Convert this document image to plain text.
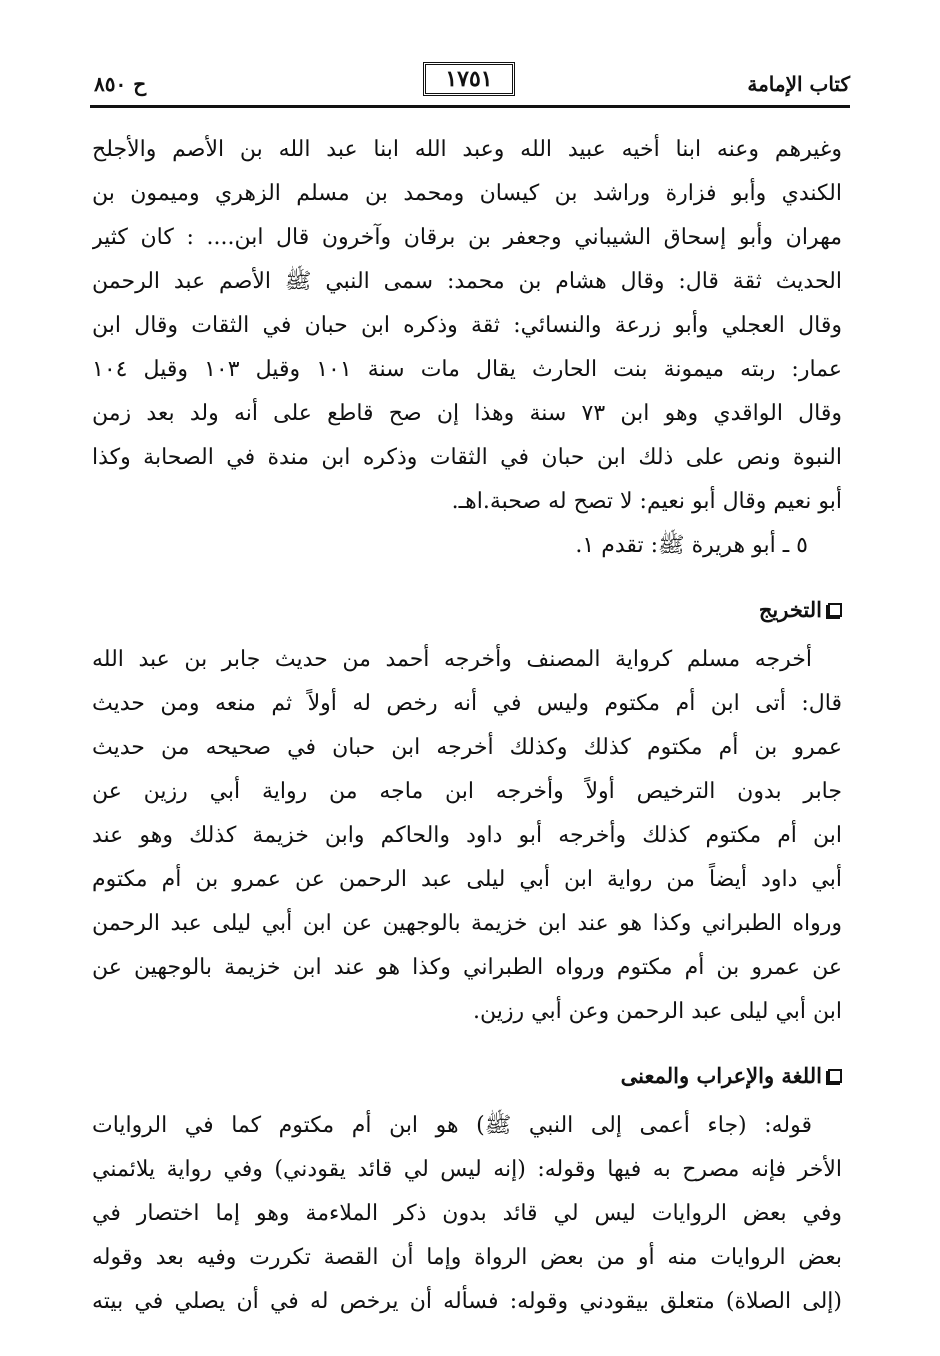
كتاب الإمامة
١٧٥١
ح ٨٥٠
وغيرهم وعنه ابنا أخيه عبيد الله وعبد الله ابنا عبد الله بن الأصم والأجلح
الكندي وأبو فزارة وراشد بن كيسان ومحمد بن مسلم الزهري وميمون بن
مهران وأبو إسحاق الشيباني وجعفر بن برقان وآخرون قال ابن.... : كان كثير
الحديث ثقة قال: وقال هشام بن محمد: سمى النبي ﷺ الأصم عبد الرحمن
وقال العجلي وأبو زرعة والنسائي: ثقة وذكره ابن حبان في الثقات وقال ابن
عمار: ربته ميمونة بنت الحارث يقال مات سنة ١٠١ وقيل ١٠٣ وقيل ١٠٤
وقال الواقدي وهو ابن ٧٣ سنة وهذا إن صح قاطع على أنه ولد بعد زمن
النبوة ونص على ذلك ابن حبان في الثقات وذكره ابن مندة في الصحابة وكذا
أبو نعيم وقال أبو نعيم: لا تصح له صحبة.اهـ.
٥ ـ أبو هريرة ﷺ: تقدم ١.
التخريج
أخرجه مسلم كرواية المصنف وأخرجه أحمد من حديث جابر بن عبد الله
قال: أتى ابن أم مكتوم وليس في أنه رخص له أولاً ثم منعه ومن حديث
عمرو بن أم مكتوم كذلك وكذلك أخرجه ابن حبان في صحيحه من حديث
جابر بدون الترخيص أولاً وأخرجه ابن ماجه من رواية أبي رزين عن
ابن أم مكتوم كذلك وأخرجه أبو داود والحاكم وابن خزيمة كذلك وهو عند
أبي داود أيضاً من رواية ابن أبي ليلى عبد الرحمن عن عمرو بن أم مكتوم
ورواه الطبراني وكذا هو عند ابن خزيمة بالوجهين عن ابن أبي ليلى عبد الرحمن
عن عمرو بن أم مكتوم ورواه الطبراني وكذا هو عند ابن خزيمة بالوجهين عن
ابن أبي ليلى عبد الرحمن وعن أبي رزين.
اللغة والإعراب والمعنى
قوله: (جاء أعمى إلى النبي ﷺ) هو ابن أم مكتوم كما في الروايات
الأخر فإنه مصرح به فيها وقوله: (إنه ليس لي قائد يقودني) وفي رواية يلائمني
وفي بعض الروايات ليس لي قائد بدون ذكر الملاءمة وهو إما اختصار في
بعض الروايات منه أو من بعض الرواة وإما أن القصة تكررت وفيه بعد وقوله
(إلى الصلاة) متعلق بيقودني وقوله: فسأله أن يرخص له في أن يصلي في بيته
